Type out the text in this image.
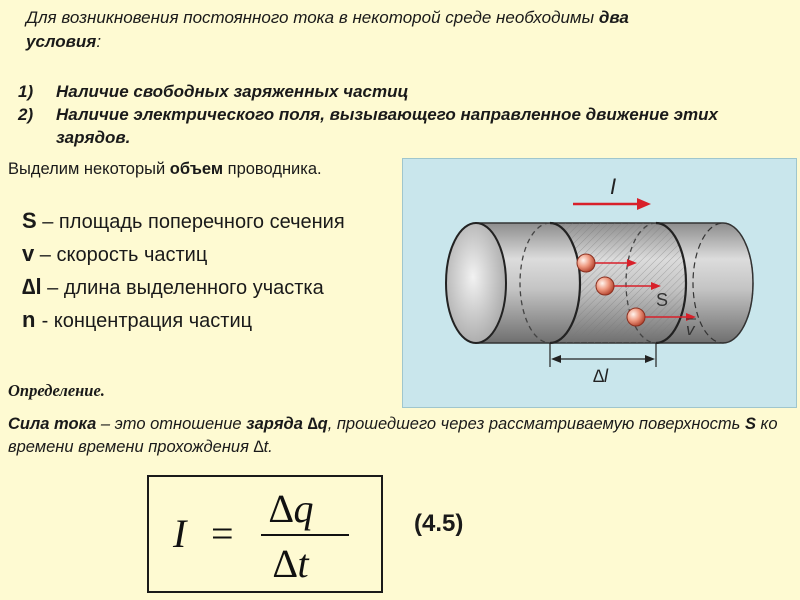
Для возникновения постоянного тока в некоторой среде необходимы два
условия:
1) Наличие свободных заряженных частиц
2) Наличие электрического поля, вызывающего направленное движение этих зарядов.
Выделим некоторый объем проводника.
S – площадь поперечного сечения
v – скорость частиц
∆l – длина выделенного участка
n - концентрация частиц
I
S
v
∆l
Определение.
Сила тока – это отношение заряда ∆q, прошедшего через рассматриваемую поверхность S ко времени времени прохождения ∆t.
I =
∆q
∆t
(4.5)
